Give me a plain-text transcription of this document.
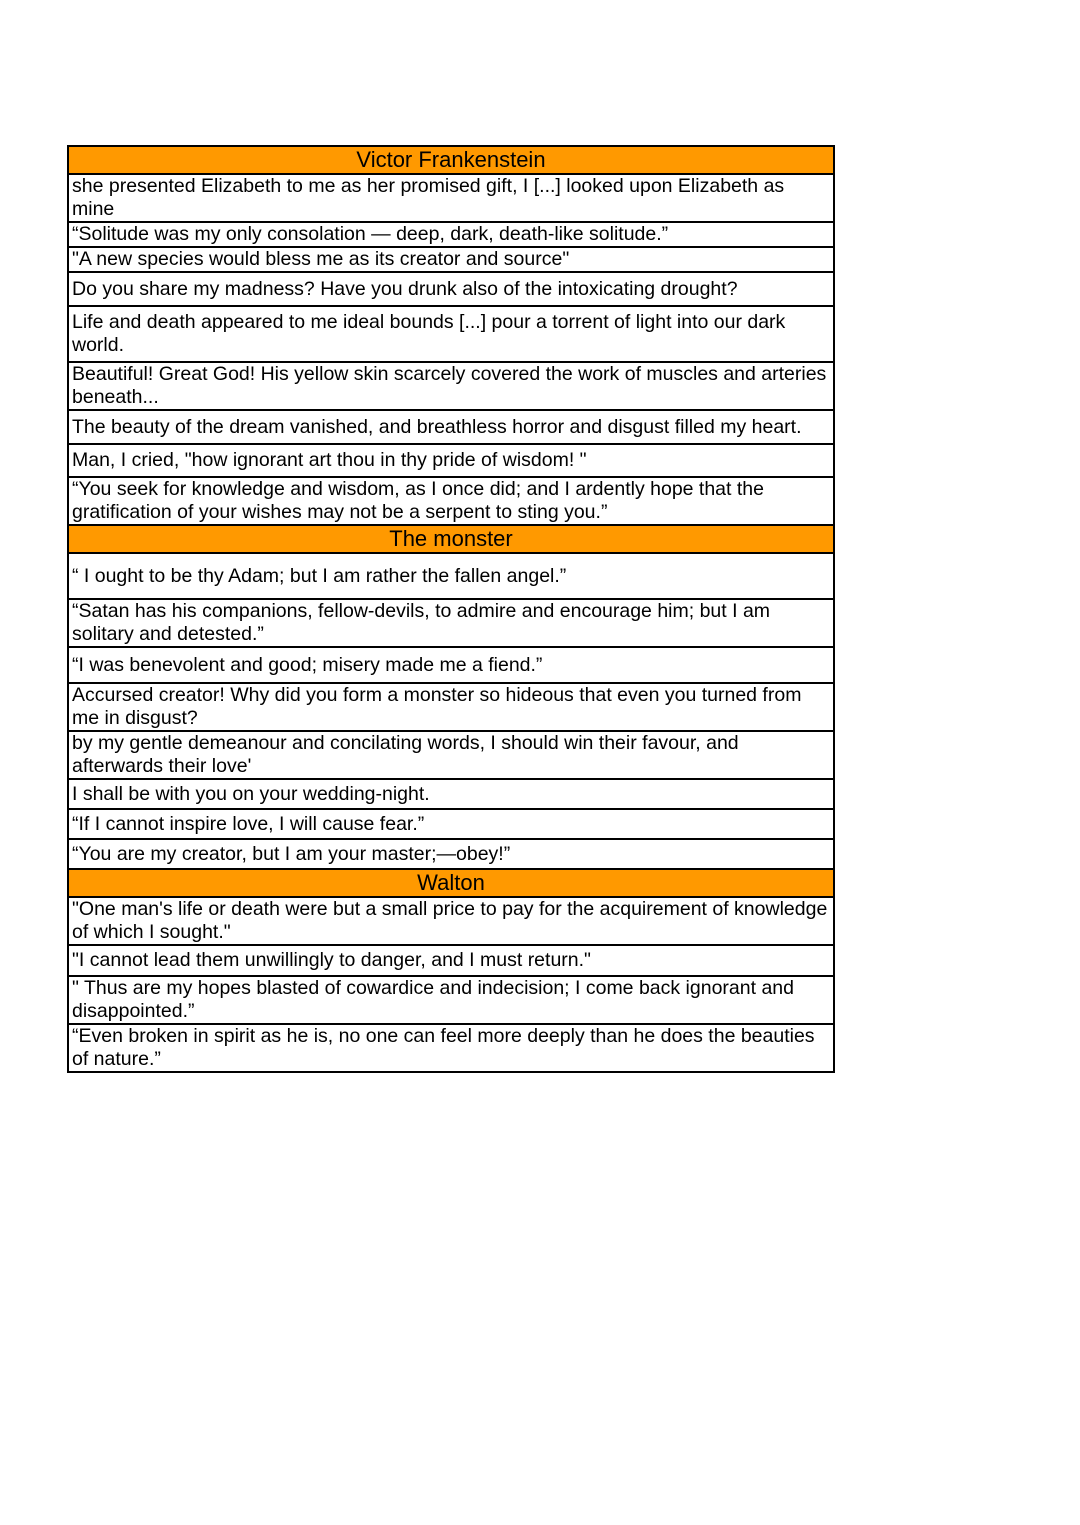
Victor Frankenstein
she presented Elizabeth to me as her promised gift, I [...] looked upon Elizabeth as mine
“Solitude was my only consolation — deep, dark, death-like solitude.”
"A new species would bless me as its creator and source"
Do you share my madness? Have you drunk also of the intoxicating drought?
Life and death appeared to me ideal bounds [...] pour a torrent of light into our dark world.
Beautiful! Great God! His yellow skin scarcely covered the work of muscles and arteries beneath...
The beauty of the dream vanished, and breathless horror and disgust filled my heart.
Man, I cried, "how ignorant art thou in thy pride of wisdom! "
“You seek for knowledge and wisdom, as I once did; and I ardently hope that the gratification of your wishes may not be a serpent to sting you.”
The monster
“ I ought to be thy Adam; but I am rather the fallen angel.”
“Satan has his companions, fellow-devils, to admire and encourage him; but I am solitary and detested.”
“I was benevolent and good; misery made me a fiend.”
Accursed creator! Why did you form a monster so hideous that even you turned from me in disgust?
by my gentle demeanour and concilating words, I should win their favour, and afterwards their love'
I shall be with you on your wedding-night.
“If I cannot inspire love, I will cause fear.”
“You are my creator, but I am your master;—obey!”
Walton
"One man's life or death were but a small price to pay for the acquirement of knowledge of which I sought."
"I cannot lead them unwillingly to danger, and I must return."
" Thus are my hopes blasted of cowardice and indecision; I come back ignorant and disappointed.”
“Even broken in spirit as he is, no one can feel more deeply than he does the beauties of nature.”
